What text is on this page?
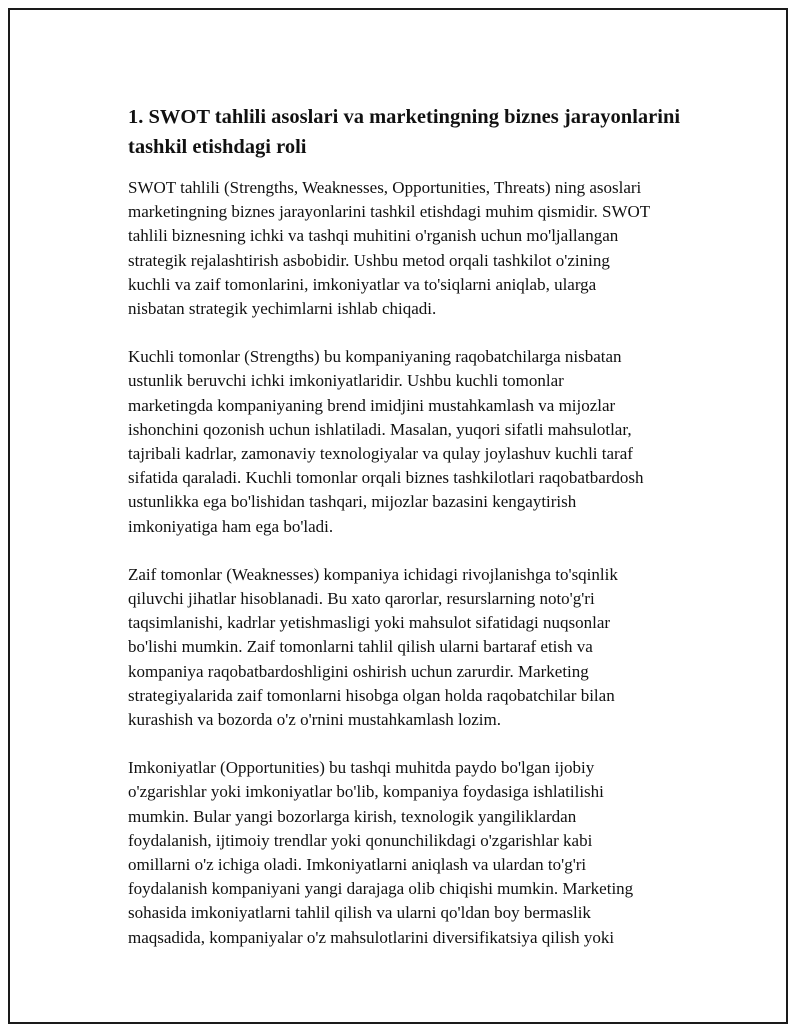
1. SWOT tahlili asoslari va marketingning biznes jarayonlarini
tashkil etishdagi roli
SWOT tahlili (Strengths, Weaknesses, Opportunities, Threats) ning asoslari
marketingning biznes jarayonlarini tashkil etishdagi muhim qismidir. SWOT
tahlili biznesning ichki va tashqi muhitini o'rganish uchun mo'ljallangan
strategik rejalashtirish asbobidir. Ushbu metod orqali tashkilot o'zining
kuchli va zaif tomonlarini, imkoniyatlar va to'siqlarni aniqlab, ularga
nisbatan strategik yechimlarni ishlab chiqadi.
Kuchli tomonlar (Strengths) bu kompaniyaning raqobatchilarga nisbatan
ustunlik beruvchi ichki imkoniyatlaridir. Ushbu kuchli tomonlar
marketingda kompaniyaning brend imidjini mustahkamlash va mijozlar
ishonchini qozonish uchun ishlatiladi. Masalan, yuqori sifatli mahsulotlar,
tajribali kadrlar, zamonaviy texnologiyalar va qulay joylashuv kuchli taraf
sifatida qaraladi. Kuchli tomonlar orqali biznes tashkilotlari raqobatbardosh
ustunlikka ega bo'lishidan tashqari, mijozlar bazasini kengaytirish
imkoniyatiga ham ega bo'ladi.
Zaif tomonlar (Weaknesses) kompaniya ichidagi rivojlanishga to'sqinlik
qiluvchi jihatlar hisoblanadi. Bu xato qarorlar, resurslarning noto'g'ri
taqsimlanishi, kadrlar yetishmasligi yoki mahsulot sifatidagi nuqsonlar
bo'lishi mumkin. Zaif tomonlarni tahlil qilish ularni bartaraf etish va
kompaniya raqobatbardoshligini oshirish uchun zarurdir. Marketing
strategiyalarida zaif tomonlarni hisobga olgan holda raqobatchilar bilan
kurashish va bozorda o'z o'rnini mustahkamlash lozim.
Imkoniyatlar (Opportunities) bu tashqi muhitda paydo bo'lgan ijobiy
o'zgarishlar yoki imkoniyatlar bo'lib, kompaniya foydasiga ishlatilishi
mumkin. Bular yangi bozorlarga kirish, texnologik yangiliklardan
foydalanish, ijtimoiy trendlar yoki qonunchilikdagi o'zgarishlar kabi
omillarni o'z ichiga oladi. Imkoniyatlarni aniqlash va ulardan to'g'ri
foydalanish kompaniyani yangi darajaga olib chiqishi mumkin. Marketing
sohasida imkoniyatlarni tahlil qilish va ularni qo'ldan boy bermaslik
maqsadida, kompaniyalar o'z mahsulotlarini diversifikatsiya qilish yoki
